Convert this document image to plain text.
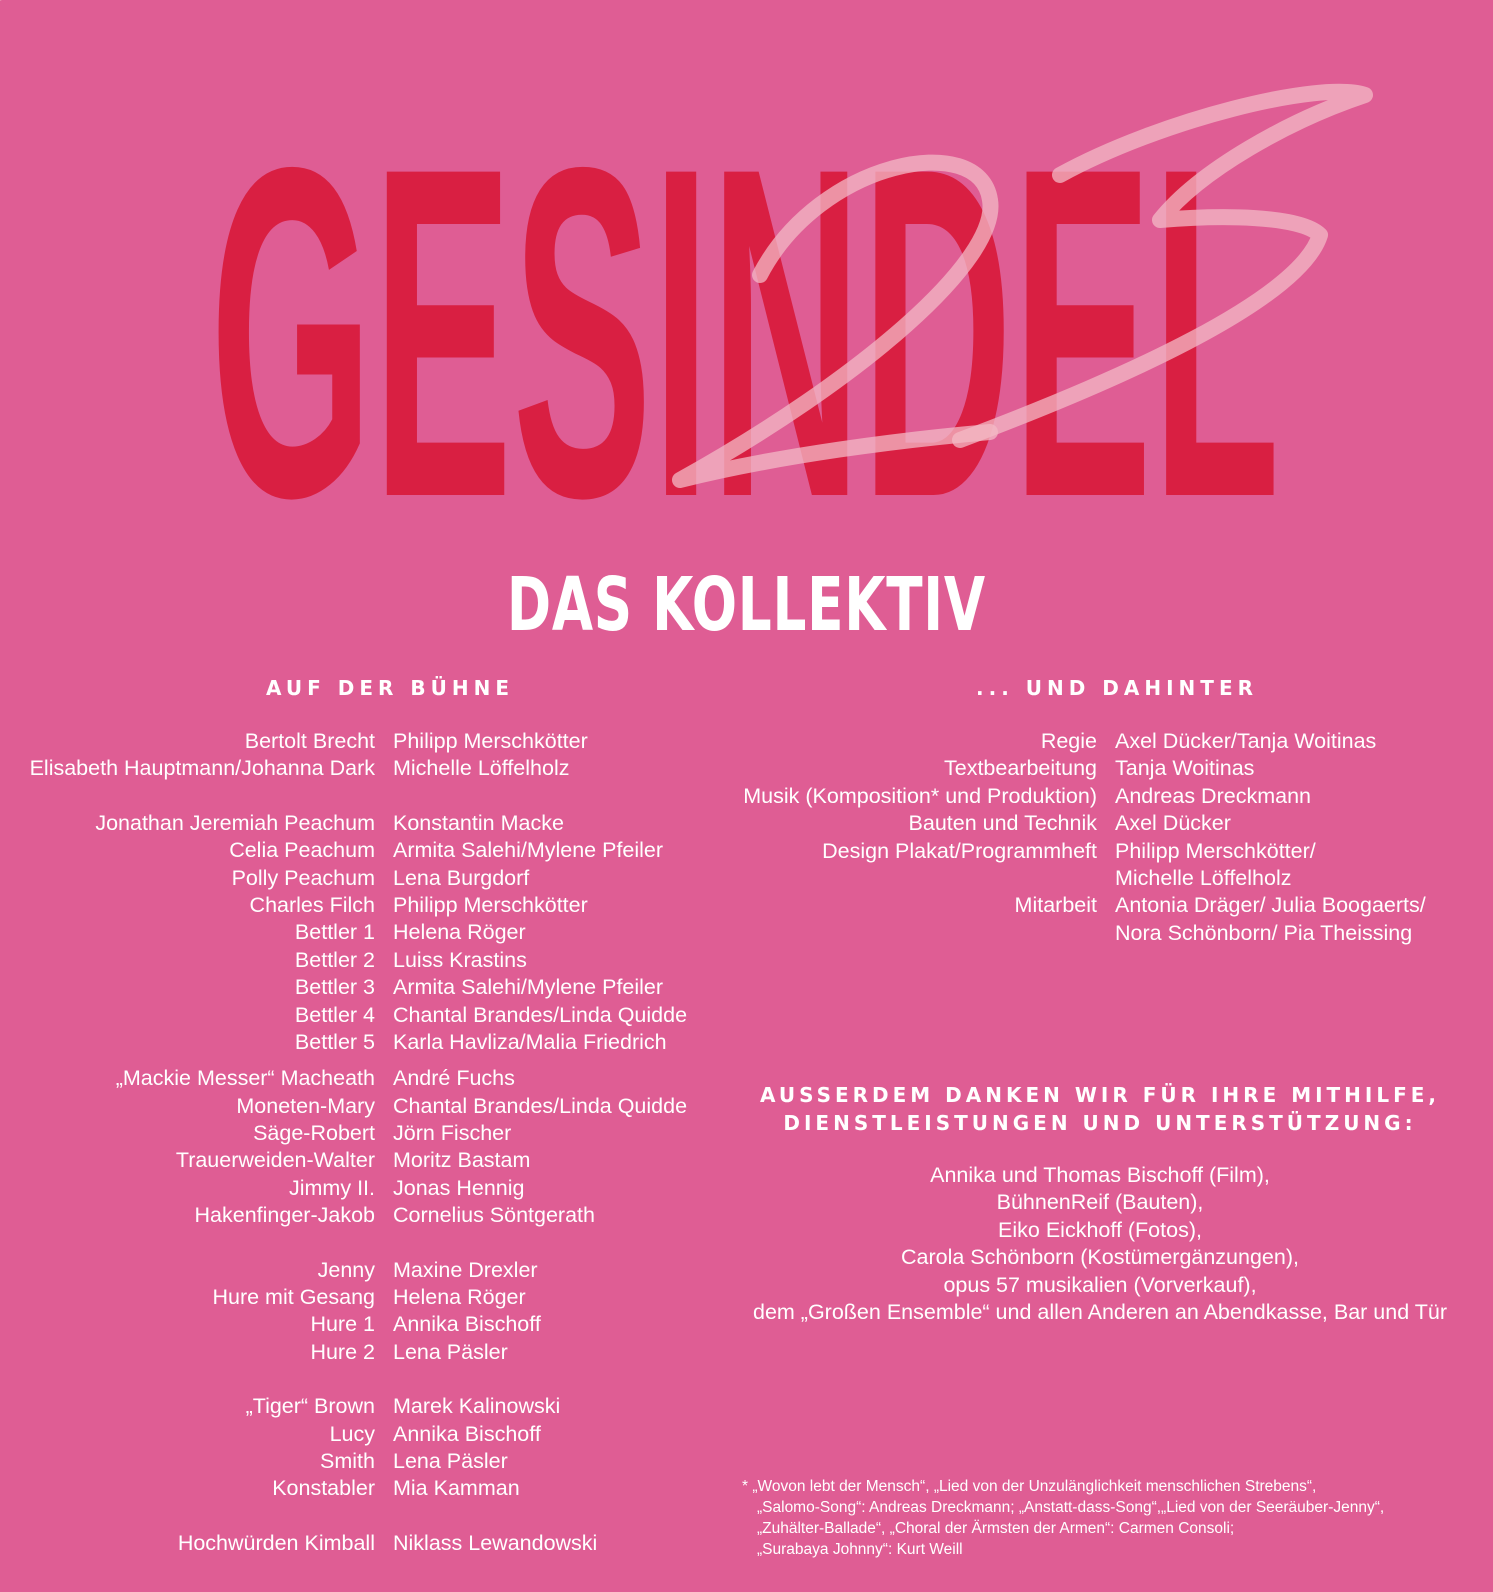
GESINDEL
23
DAS KOLLEKTIV
AUF DER BÜHNE	... UND DAHINTER
Bertolt Brecht Philipp Merschkötter
Elisabeth Hauptmann/Johanna Dark Michelle Löffelholz
Jonathan Jeremiah Peachum Konstantin Macke
Celia Peachum Armita Salehi/Mylene Pfeiler
Polly Peachum Lena Burgdorf
Charles Filch Philipp Merschkötter
Bettler 1 Helena Röger
Bettler 2 Luiss Krastins
Bettler 3 Armita Salehi/Mylene Pfeiler
Bettler 4 Chantal Brandes/Linda Quidde
Bettler 5 Karla Havliza/Malia Friedrich
„Mackie Messer“ Macheath André Fuchs
Moneten-Mary Chantal Brandes/Linda Quidde
Säge-Robert Jörn Fischer
Trauerweiden-Walter Moritz Bastam
Jimmy II. Jonas Hennig
Hakenfinger-Jakob Cornelius Söntgerath
Jenny Maxine Drexler
Hure mit Gesang Helena Röger
Hure 1 Annika Bischoff
Hure 2 Lena Päsler
„Tiger“ Brown Marek Kalinowski
Lucy Annika Bischoff
Smith Lena Päsler
Konstabler Mia Kamman
Hochwürden Kimball Niklass Lewandowski
Regie Axel Dücker/Tanja Woitinas
Textbearbeitung Tanja Woitinas
Musik (Komposition* und Produktion) Andreas Dreckmann
Bauten und Technik Axel Dücker
Design Plakat/Programmheft Philipp Merschkötter/
Michelle Löffelholz
Mitarbeit Antonia Dräger/ Julia Boogaerts/
Nora Schönborn/ Pia Theissing
AUSSERDEM DANKEN WIR FÜR IHRE MITHILFE,
DIENSTLEISTUNGEN UND UNTERSTÜTZUNG:
Annika und Thomas Bischoff (Film),
BühnenReif (Bauten),
Eiko Eickhoff (Fotos),
Carola Schönborn (Kostümergänzungen),
opus 57 musikalien (Vorverkauf),
dem „Großen Ensemble“ und allen Anderen an Abendkasse, Bar und Tür
* „Wovon lebt der Mensch“, „Lied von der Unzulänglichkeit menschlichen Strebens“,
„Salomo-Song“: Andreas Dreckmann; „Anstatt-dass-Song“,„Lied von der Seeräuber-Jenny“,
„Zuhälter-Ballade“, „Choral der Ärmsten der Armen“: Carmen Consoli;
„Surabaya Johnny“: Kurt Weill
